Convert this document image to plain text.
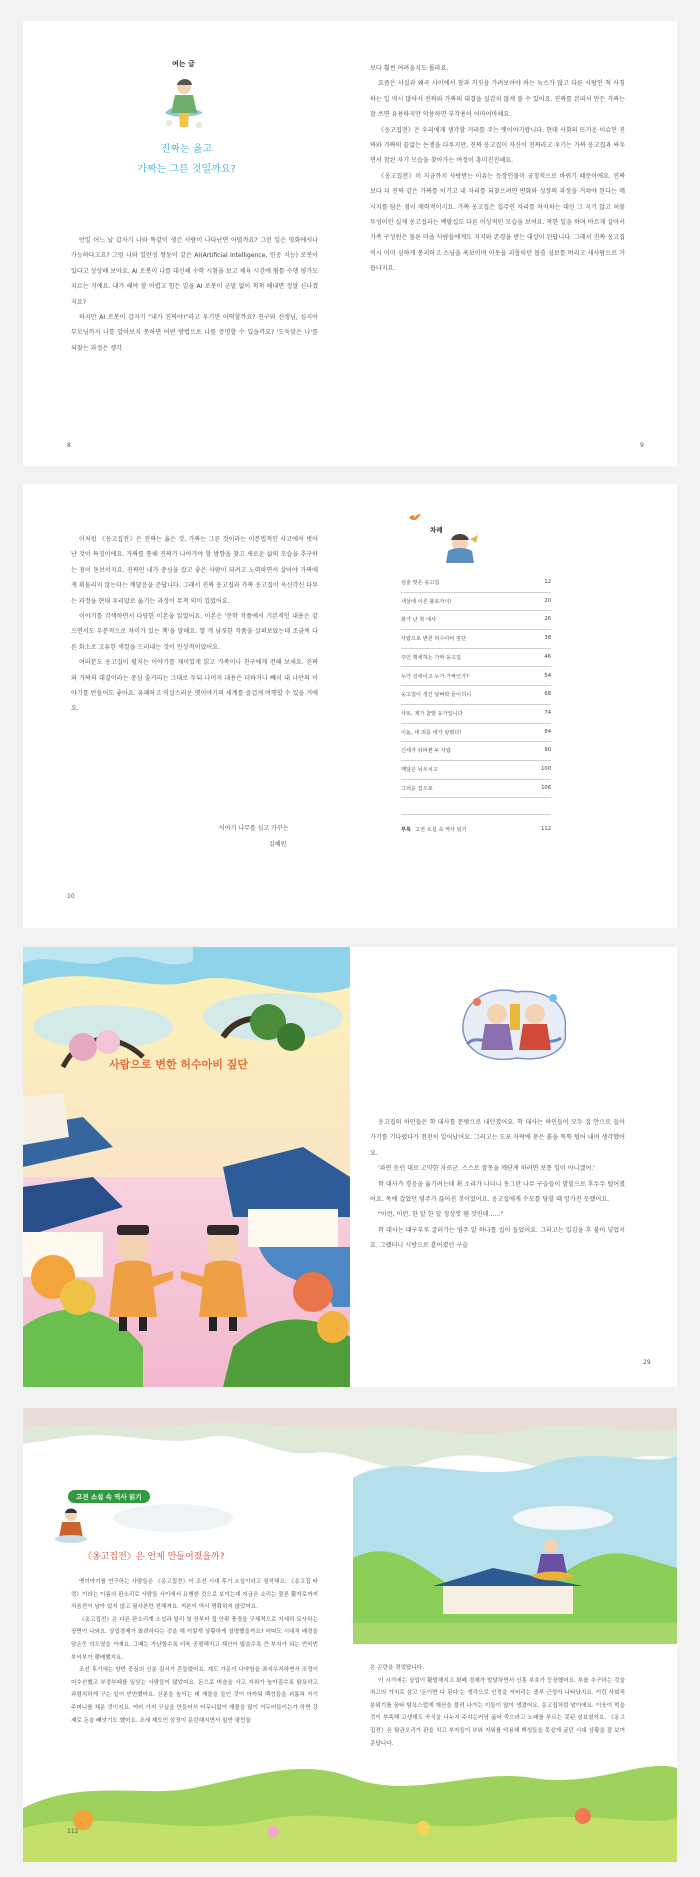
여는 글
진짜는 옳고
가짜는 그른 것일까요?

만일 어느 날 갑자기 나와 똑같이 생긴 사람이 나타난면 어떨까요? 그런 일은 영화에서나 가능하다고요? 그럼 나와 일란성 쌍둥이 같은 AI(Artificial Intelligence, 인공 지능) 로봇이 있다고 상상해 보아요. AI 로봇이 나를 대신해 수학 시험을 보고 체육 시간에 뜀틀 수행 평가도 치르는 거예요. 내가 해야 할 어렵고 힘든 일을 AI 로봇이 군말 없이 척척 해내면 정말 신나겠지요?

하지만 AI 로봇이 갑자기 "내가 진짜야!"라고 우기면 어떡할까요? 친구와 선생님, 심지어 부모님까지 나를 알아보지 못하면 어떤 방법으로 나를 증명할 수 있을까요? '도둑맞은 나'를 되찾는 과정은 생각

8

보다 훨씬 어려울지도 몰라요.

요즘은 사실과 왜곡 사이에서 참과 거짓을 가려보아야 하는 뉴스가 많고 다른 사람인 척 사칭하는 일 역시 많아서 진짜와 가짜의 대결을 실감치 않게 볼 수 있어요. 진짜를 본떠서 만든 가짜는 잘 쓰면 유용하지만 악용하면 부작용이 어마어마해요.

《옹고집전》은 우리에게 생각할 거리를 주는 옛이야기랍니다. 현대 사회의 뜨거운 이슈인 진짜와 가짜의 끝없는 논쟁을 다루지만, 진짜 옹고집이 자신이 진짜라고 우기는 가짜 옹고집과 싸우면서 참된 자기 모습을 찾아가는 여정이 흥미진진해요.

《옹고집전》이 지금까지 사랑받는 이유는 등장인물이 궁정적으로 바뀌기 때문이에요. 진짜보다 더 진짜 같은 가짜를 이기고 내 자리를 되찾으려면 변화와 성장의 과정을 거쳐야 한다는 메시지를 담은 점이 매력적이지요. 가짜 옹고집은 집주인 자리를 차지하는 대신 그 지기 않고 허물투성이인 실제 옹고집과는 백팔십도 다른 이상적인 모습을 보여요. 착한 일을 하며 바르게 살아서 가족 구성원은 물론 마을 사람들에게도 지지와 존경을 받는 대상이 된답니다. 그래서 진짜 옹고집 역시 이미 심하게 봉괴하고 스님을 욕보이며 이웃을 괴롭히던 몹쓸 심보를 버리고 새사람으로 거듭나지요.

9

이처럼 《옹고집전》은 진짜는 옳은 것, 가짜는 그른 것이라는 이분법적인 사고에서 벗어난 것이 특징이에요. 가짜를 통해 진짜가 나아가야 할 방향을 찾고 새로운 삶의 모습을 추구하는 점이 돋보이지요. 진짜인 내가 중심을 잡고 좋은 사람이 되려고 노력하면서 살아야 가짜에게 휘둘리지 않는다는 깨달음을 준답니다. 그래서 진짜 옹고집과 가짜 옹고집이 옥신각신 다투는 과정을 현대 우리말로 옮기는 과정이 무척 의미 있었어요.

이야기를 각색하면서 다양한 이본을 읽었어요. 이본은 '문학 작품에서 기본적인 내용은 같으면서도 부분적으로 차이가 있는 책'을 말해요. 열 개 남짓한 작품을 살펴보았는데 조금씩 다른 화소로 고유한 색깔을 드러내는 것이 인상적이었어요.

여러분도 옹고집이 펼치는 이야기를 재미있게 읽고 가족이나 친구에게 전해 보세요. 진짜와 가짜의 대결이라는 중심 줄거리는 그대로 두되 나머지 내용은 더하거나 빼서 내 나만의 이야기를 만들어도 좋아요. 유쾌하고 익살스러운 옛이야기의 세계를 즐겁게 여행할 수 있을 거예요.

이야기 나무를 심고 가꾸는
김혜원
10
차례
심술 맞은 옹고집	12
새살에 이른 불효자식!	20
화가 난 학 대사	26
사람으로 변한 허수아비 짚단	38
주인 행세하는 가짜 옹고집	46
누가 진짜이고 누가 가짜인가?	54
옹고집이 생긴 날벼락 들이더니	68
사또, 제가 참말 옹가입니다	74
이놈, 네 죄를 네가 알렸다!	84
신세가 뒤바뀐 두 사람	90
깨달은 뉘우치고	100
그러운 집으로	106
부록 고전 소설 속 역사 읽기	112
사람으로 변한 허수아비 짚단

옹고집의 하인들은 학 대사를 문밖으로 내던졌어요. 학 대사는 하인들이 모두 집 안으로 들어가기를 기다렸다가 천천히 일어났어요. 그러고는 도포 자락에 묻은 흙을 툭툭 털어 내며 생각했어요.

'과연 듣던 대로 고약한 자로군. 스스로 잘못을 깨닫게 하려면 보통 일이 아니겠어.'

학 대사가 경음을 옮기려는데 휙 소리가 나더니 동그란 나무 구슬들이 발밑으로 후두두 떨어졌어요. 목에 걸었던 염주가 끊어진 것이었어요. 옹고집에게 수모를 당할 때 망가진 듯했어요.

"이런, 이런. 한 알 한 알 정성껏 꿴 것인데……"

학 대사는 대구부루 굴러가는 염주 알 하나를 집어 들었어요. 그러고는 입김을 후 불어 넣었지요. 그랬더니 시방으로 흩어졌던 구슬

29
고전 소설 속 역사 읽기
《옹고집전》은 언제 만들어졌을까?

옛이야기를 연구하는 사람들은 《옹고집전》이 조선 시대 후기 소설이라고 짐작해요. 《옹고집 타령》이라는 이름의 판소리로 사람들 사이에서 유행한 것으로 보이는데 지금은 소리는 물론 활자로까지 처음전이 남아 있지 않고 필사본만 전해져요. 저본이 역시 명확하지 않았어요.

《옹고집전》은 다른 판소리계 소설과 달리 첫 장부터 집 안팎 풍경을 구체적으로 자세히 묘사하는 장면이 나와요. 상업경제가 화려하다는 것을 해 이렇게 상황하게 설명했을까요? 어떠도 시대적 배경을 담은듯 의도였을 거예요. 그때는 가난함수록 더욱 공평해지고 재산이 많을수록 큰 부자가 되는 빈익빈 부익부가 팽배했지요.

조선 후기에는 양반 중심의 신분 질서가 흔들렸어요. 재도 가문이 나약함을 좌지우지하면서 조정이 어수선했고 부정부패를 일삼는 사람들이 많았어요. 돈으로 벼슬을 사고 지위가 높아질수록 탐욕하고 과렴치하게 구는 일이 빈번했어요. 신분을 높이는 데 재물을 들인 것이 아까워 백성들을 괴롭혀 자기 주머니를 채운 것이지요. 여러 가지 구실을 만들어서 터무니없이 재물을 많이 거두어들이는가 하면 강제로 돈을 빼앗기도 했어요. 조세 제도인 삼정이 문란해지면서 일반 평민들

112

은 곤란을 겪었답니다.

이 시기에는 상업이 활발해지고 화폐 경제가 발달하면서 신흥 부호가 등장했어요. 부를 추구하는 것을 죄고의 가치로 삼고 '돈이면 다 된다'는 생각으로 인정을 저버리는 졸부 근성이 나타났지요. 이런 사회적 분위기를 꿈타 탐욕스럽게 재산을 불려 나가는 이들이 많이 생겼어요. 옹고집처럼 말이에요. 이웃이 먹을 것이 부족해 고생해도 곡식을 나누지 주지는커녕 굶어 죽으라고 노래를 부르는 못된 심보였지요. 《옹고집전》은 탐관오리가 판을 치고 부자들이 부와 지위를 악용해 백성들을 못살게 굴던 시대 상황을 잘 보여 준답니다.
